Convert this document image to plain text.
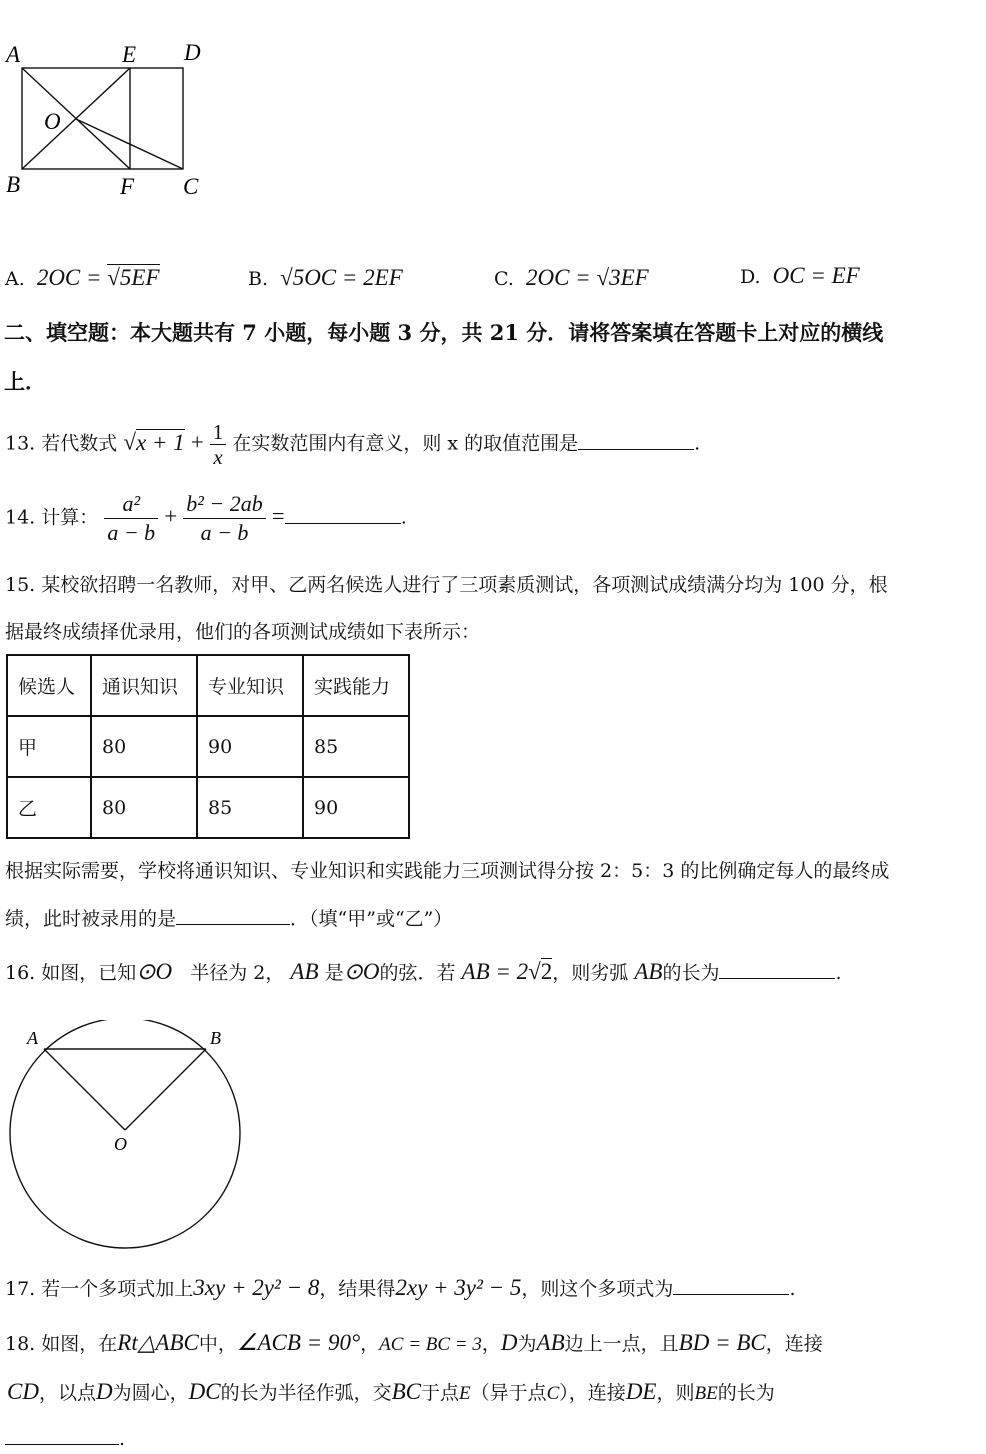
A	E D
O
B	F C
A. 2OC = √5EF	B. √5OC = 2EF	C. 2OC = √3EF	D. OC = EF
二、填空题：本大题共有 7 小题，每小题 3 分，共 21 分．请将答案填在答题卡上对应的横线
上．
13. 若代数式 $√x + 1 + \frac{1}{x}$ 在实数范围内有意义，则 x 的取值范围是	.
14. 计算： $\frac{\text{a²}}{a - b} + \frac{\text{b² − 2ab}}{a - b}$ =	.
15. 某校欲招聘一名教师，对甲、乙两名候选人进行了三项素质测试，各项测试成绩满分均为 100 分，根
据最终成绩择优录用，他们的各项测试成绩如下表所示：
候选人	通识知识	专业知识	实践能力
甲	80	90	85
乙	80	85	90
根据实际需要，学校将通识知识、专业知识和实践能力三项测试得分按 2：5：3 的比例确定每人的最终成
绩，此时被录用的是	．（填“甲”或“乙”）
16. 如图，已知⊙O 半径为 2， AB 是⊙O的弦．若 AB = 2√2，则劣弧 AB的长为	.
A	B
O
17. 若一个多项式加上3xy + 2y² − 8，结果得2xy + 3y² − 5，则这个多项式为	.
18. 如图，在Rt△ABC中，∠ACB = 90°，AC = BC = 3，D为AB边上一点，且BD = BC，连接
CD，以点D为圆心，DC的长为半径作弧，交BC于点E（异于点C），连接DE，则BE的长为
.
